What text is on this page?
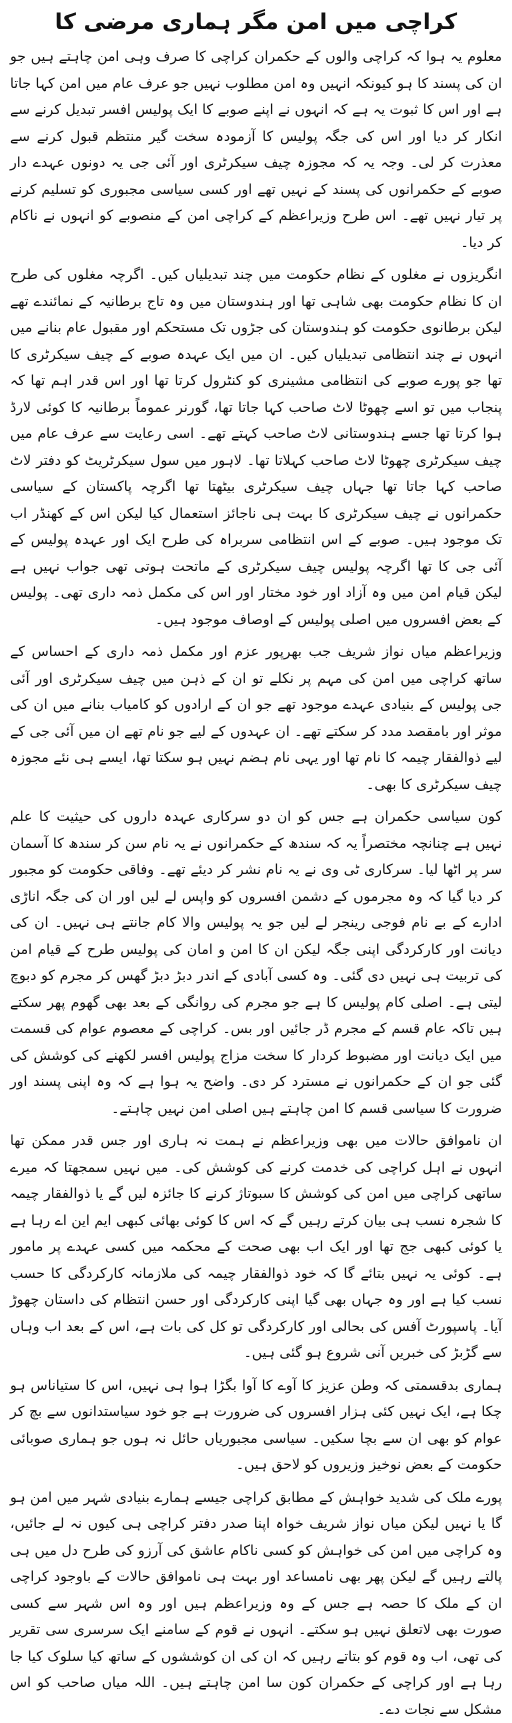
کراچی میں امن مگر ہماری مرضی کا

معلوم یہ ہوا کہ کراچی والوں کے حکمران کراچی کا صرف وہی امن چاہتے ہیں جو ان کی پسند کا ہو کیونکہ انہیں وہ امن مطلوب نہیں جو عرف عام میں امن کہا جاتا ہے اور اس کا ثبوت یہ ہے کہ انہوں نے اپنے صوبے کا ایک پولیس افسر تبدیل کرنے سے انکار کر دیا اور اس کی جگہ پولیس کا آزمودہ سخت گیر منتظم قبول کرنے سے معذرت کر لی۔ وجہ یہ کہ مجوزہ چیف سیکرٹری اور آئی جی یہ دونوں عہدے دار صوبے کے حکمرانوں کی پسند کے نہیں تھے اور کسی سیاسی مجبوری کو تسلیم کرنے پر تیار نہیں تھے۔ اس طرح وزیراعظم کے کراچی امن کے منصوبے کو انہوں نے ناکام کر دیا۔

انگریزوں نے مغلوں کے نظام حکومت میں چند تبدیلیاں کیں۔ اگرچہ مغلوں کی طرح ان کا نظام حکومت بھی شاہی تھا اور ہندوستان میں وہ تاج برطانیہ کے نمائندے تھے لیکن برطانوی حکومت کو ہندوستان کی جڑوں تک مستحکم اور مقبول عام بنانے میں انہوں نے چند انتظامی تبدیلیاں کیں۔ ان میں ایک عہدہ صوبے کے چیف سیکرٹری کا تھا جو پورے صوبے کی انتظامی مشینری کو کنٹرول کرتا تھا اور اس قدر اہم تھا کہ پنجاب میں تو اسے چھوٹا لاٹ صاحب کہا جاتا تھا، گورنر عموماً برطانیہ کا کوئی لارڈ ہوا کرتا تھا جسے ہندوستانی لاٹ صاحب کہتے تھے۔ اسی رعایت سے عرف عام میں چیف سیکرٹری چھوٹا لاٹ صاحب کہلاتا تھا۔ لاہور میں سول سیکرٹریٹ کو دفتر لاٹ صاحب کہا جاتا تھا جہاں چیف سیکرٹری بیٹھتا تھا اگرچہ پاکستان کے سیاسی حکمرانوں نے چیف سیکرٹری کا بہت ہی ناجائز استعمال کیا لیکن اس کے کھنڈر اب تک موجود ہیں۔ صوبے کے اس انتظامی سربراہ کی طرح ایک اور عہدہ پولیس کے آئی جی کا تھا اگرچہ پولیس چیف سیکرٹری کے ماتحت ہوتی تھی جواب نہیں ہے لیکن قیام امن میں وہ آزاد اور خود مختار اور اس کی مکمل ذمہ داری تھی۔ پولیس کے بعض افسروں میں اصلی پولیس کے اوصاف موجود ہیں۔

وزیراعظم میاں نواز شریف جب بھرپور عزم اور مکمل ذمہ داری کے احساس کے ساتھ کراچی میں امن کی مہم پر نکلے تو ان کے ذہن میں چیف سیکرٹری اور آئی جی پولیس کے بنیادی عہدے موجود تھے جو ان کے ارادوں کو کامیاب بنانے میں ان کی موثر اور بامقصد مدد کر سکتے تھے۔ ان عہدوں کے لیے جو نام تھے ان میں آئی جی کے لیے ذوالفقار چیمہ کا نام تھا اور یہی نام ہضم نہیں ہو سکتا تھا، ایسے ہی نئے مجوزہ چیف سیکرٹری کا بھی۔

کون سیاسی حکمران ہے جس کو ان دو سرکاری عہدہ داروں کی حیثیت کا علم نہیں ہے چنانچہ مختصراً یہ کہ سندھ کے حکمرانوں نے یہ نام سن کر سندھ کا آسمان سر پر اٹھا لیا۔ سرکاری ٹی وی نے یہ نام نشر کر دیئے تھے۔ وفاقی حکومت کو مجبور کر دیا گیا کہ وہ مجرموں کے دشمن افسروں کو واپس لے لیں اور ان کی جگہ اناڑی ادارے کے بے نام فوجی رینجر لے لیں جو یہ پولیس والا کام جانتے ہی نہیں۔ ان کی دیانت اور کارکردگی اپنی جگہ لیکن ان کا امن و امان کی پولیس طرح کے قیام امن کی تربیت ہی نہیں دی گئی۔ وہ کسی آبادی کے اندر دبڑ دبڑ گھس کر مجرم کو دبوچ لیتی ہے۔ اصلی کام پولیس کا ہے جو مجرم کی روانگی کے بعد بھی گھوم پھر سکتے ہیں تاکہ عام قسم کے مجرم ڈر جائیں اور بس۔ کراچی کے معصوم عوام کی قسمت میں ایک دیانت اور مضبوط کردار کا سخت مزاج پولیس افسر لکھنے کی کوشش کی گئی جو ان کے حکمرانوں نے مسترد کر دی۔ واضح یہ ہوا ہے کہ وہ اپنی پسند اور ضرورت کا سیاسی قسم کا امن چاہتے ہیں اصلی امن نہیں چاہتے۔

ان ناموافق حالات میں بھی وزیراعظم نے ہمت نہ ہاری اور جس قدر ممکن تھا انہوں نے اہل کراچی کی خدمت کرنے کی کوشش کی۔ میں نہیں سمجھتا کہ میرے ساتھی کراچی میں امن کی کوشش کا سبوتاژ کرنے کا جائزہ لیں گے یا ذوالفقار چیمہ کا شجرہ نسب ہی بیان کرتے رہیں گے کہ اس کا کوئی بھائی کبھی ایم این اے رہا ہے یا کوئی کبھی جج تھا اور ایک اب بھی صحت کے محکمہ میں کسی عہدے پر مامور ہے۔ کوئی یہ نہیں بتائے گا کہ خود ذوالفقار چیمہ کی ملازمانہ کارکردگی کا حسب نسب کیا ہے اور وہ جہاں بھی گیا اپنی کارکردگی اور حسن انتظام کی داستان چھوڑ آیا۔ پاسپورٹ آفس کی بحالی اور کارکردگی تو کل کی بات ہے، اس کے بعد اب وہاں سے گڑبڑ کی خبریں آنی شروع ہو گئی ہیں۔

ہماری بدقسمتی کہ وطن عزیز کا آوے کا آوا بگڑا ہوا ہی نہیں، اس کا ستیاناس ہو چکا ہے، ایک نہیں کئی ہزار افسروں کی ضرورت ہے جو خود سیاستدانوں سے بچ کر عوام کو بھی ان سے بچا سکیں۔ سیاسی مجبوریاں حائل نہ ہوں جو ہماری صوبائی حکومت کے بعض نوخیز وزیروں کو لاحق ہیں۔

پورے ملک کی شدید خواہش کے مطابق کراچی جیسے ہمارے بنیادی شہر میں امن ہو گا یا نہیں لیکن میاں نواز شریف خواہ اپنا صدر دفتر کراچی ہی کیوں نہ لے جائیں، وہ کراچی میں امن کی خواہش کو کسی ناکام عاشق کی آرزو کی طرح دل میں ہی پالتے رہیں گے لیکن پھر بھی نامساعد اور بہت ہی ناموافق حالات کے باوجود کراچی ان کے ملک کا حصہ ہے جس کے وہ وزیراعظم ہیں اور وہ اس شہر سے کسی صورت بھی لاتعلق نہیں ہو سکتے۔ انہوں نے قوم کے سامنے ایک سرسری سی تقریر کی تھی، اب وہ قوم کو بتاتے رہیں کہ ان کی ان کوششوں کے ساتھ کیا سلوک کیا جا رہا ہے اور کراچی کے حکمران کون سا امن چاہتے ہیں۔ اللہ میاں صاحب کو اس مشکل سے نجات دے۔
